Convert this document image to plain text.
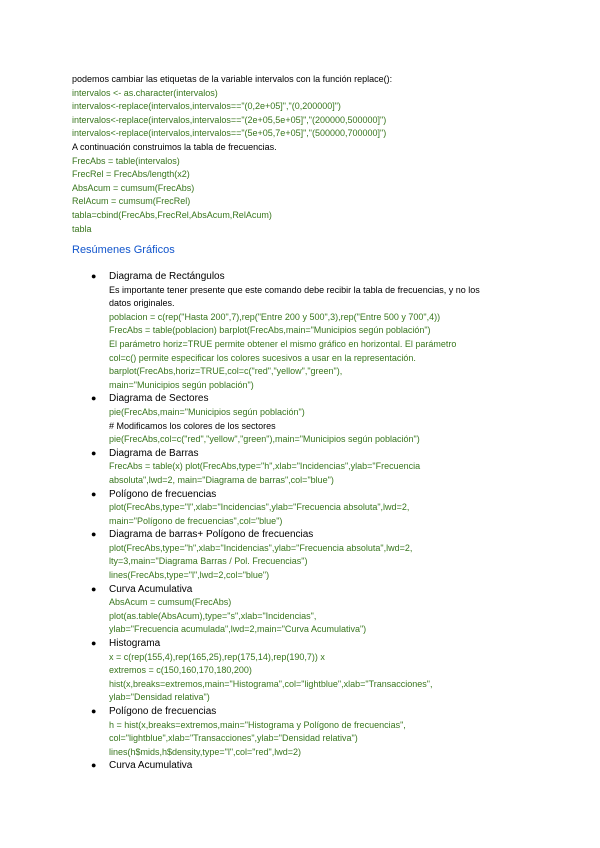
podemos cambiar las etiquetas de la variable intervalos con la función replace():
intervalos <- as.character(intervalos)
intervalos<-replace(intervalos,intervalos=="(0,2e+05]","(0,200000]")
intervalos<-replace(intervalos,intervalos=="(2e+05,5e+05]","(200000,500000]")
intervalos<-replace(intervalos,intervalos=="(5e+05,7e+05]","(500000,700000]")
A continuación construimos la tabla de frecuencias.
FrecAbs = table(intervalos)
FrecRel = FrecAbs/length(x2)
AbsAcum = cumsum(FrecAbs)
RelAcum = cumsum(FrecRel)
tabla=cbind(FrecAbs,FrecRel,AbsAcum,RelAcum)
tabla
Resúmenes Gráficos
● Diagrama de Rectángulos
Es importante tener presente que este comando debe recibir la tabla de frecuencias, y no los
datos originales.
poblacion = c(rep("Hasta 200",7),rep("Entre 200 y 500",3),rep("Entre 500 y 700",4))
FrecAbs = table(poblacion) barplot(FrecAbs,main="Municipios según población")
El parámetro horiz=TRUE permite obtener el mismo gráfico en horizontal. El parámetro
col=c() permite especificar los colores sucesivos a usar en la representación.
barplot(FrecAbs,horiz=TRUE,col=c("red","yellow","green"),
main="Municipios según población")
● Diagrama de Sectores
pie(FrecAbs,main="Municipios según población")
# Modificamos los colores de los sectores
pie(FrecAbs,col=c("red","yellow","green"),main="Municipios según población")
● Diagrama de Barras
FrecAbs = table(x) plot(FrecAbs,type="h",xlab="Incidencias",ylab="Frecuencia
absoluta",lwd=2, main="Diagrama de barras",col="blue")
● Polígono de frecuencias
plot(FrecAbs,type="l",xlab="Incidencias",ylab="Frecuencia absoluta",lwd=2,
main="Polígono de frecuencias",col="blue")
● Diagrama de barras+ Polígono de frecuencias
plot(FrecAbs,type="h",xlab="Incidencias",ylab="Frecuencia absoluta",lwd=2,
lty=3,main="Diagrama Barras / Pol. Frecuencias")
lines(FrecAbs,type="l",lwd=2,col="blue")
● Curva Acumulativa
AbsAcum = cumsum(FrecAbs)
plot(as.table(AbsAcum),type="s",xlab="Incidencias",
ylab="Frecuencia acumulada",lwd=2,main="Curva Acumulativa")
● Histograma
x = c(rep(155,4),rep(165,25),rep(175,14),rep(190,7)) x
extremos = c(150,160,170,180,200)
hist(x,breaks=extremos,main="Histograma",col="lightblue",xlab="Transacciones",
ylab="Densidad relativa")
● Polígono de frecuencias
h = hist(x,breaks=extremos,main="Histograma y Polígono de frecuencias",
col="lightblue",xlab="Transacciones",ylab="Densidad relativa")
lines(h$mids,h$density,type="l",col="red",lwd=2)
● Curva Acumulativa
